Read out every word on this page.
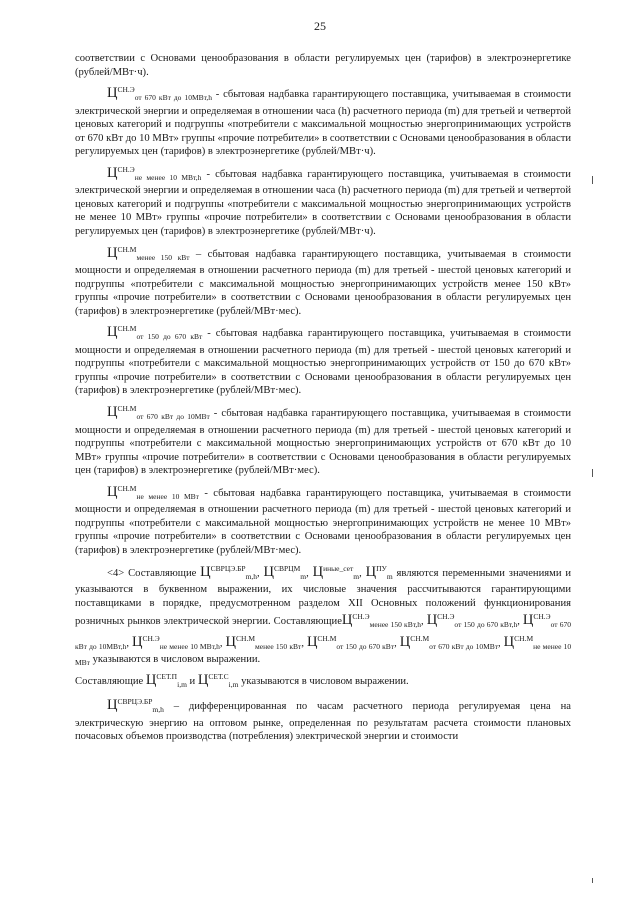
25

соответствии с Основами ценообразования в области регулируемых цен (тарифов) в электроэнергетике (рублей/МВт·ч).

$Ц^{СН.Э}_{от 670 кВт до 10МВт,h}$ - сбытовая надбавка гарантирующего поставщика, учитываемая в стоимости электрической энергии и определяемая в отношении часа (h) расчетного периода (m) для третьей и четвертой ценовых категорий и подгруппы «потребители с максимальной мощностью энергопринимающих устройств от 670 кВт до 10 МВт» группы «прочие потребители» в соответствии с Основами ценообразования в области регулируемых цен (тарифов) в электроэнергетике (рублей/МВт·ч).

$Ц^{СН.Э}_{не менее 10 МВт,h}$ - сбытовая надбавка гарантирующего поставщика, учитываемая в стоимости электрической энергии и определяемая в отношении часа (h) расчетного периода (m) для третьей и четвертой ценовых категорий и подгруппы «потребители с максимальной мощностью энергопринимающих устройств не менее 10 МВт» группы «прочие потребители» в соответствии с Основами ценообразования в области регулируемых цен (тарифов) в электроэнергетике (рублей/МВт·ч).

$Ц^{СН.М}_{менее 150 кВт}$ – сбытовая надбавка гарантирующего поставщика, учитываемая в стоимости мощности и определяемая в отношении расчетного периода (m) для третьей - шестой ценовых категорий и подгруппы «потребители с максимальной мощностью энергопринимающих устройств менее 150 кВт» группы «прочие потребители» в соответствии с Основами ценообразования в области регулируемых цен (тарифов) в электроэнергетике (рублей/МВт·мес).

$Ц^{СН.М}_{от 150 до 670 кВт}$ - сбытовая надбавка гарантирующего поставщика, учитываемая в стоимости мощности и определяемая в отношении расчетного периода (m) для третьей - шестой ценовых категорий и подгруппы «потребители с максимальной мощностью энергопринимающих устройств от 150 до 670 кВт» группы «прочие потребители» в соответствии с Основами ценообразования в области регулируемых цен (тарифов) в электроэнергетике (рублей/МВт·мес).

$Ц^{СН.М}_{от 670 кВт до 10МВт}$ - сбытовая надбавка гарантирующего поставщика, учитываемая в стоимости мощности и определяемая в отношении расчетного периода (m) для третьей - шестой ценовых категорий и подгруппы «потребители с максимальной мощностью энергопринимающих устройств от 670 кВт до 10 МВт» группы «прочие потребители» в соответствии с Основами ценообразования в области регулируемых цен (тарифов) в электроэнергетике (рублей/МВт·мес).

$Ц^{СН.М}_{не менее 10 МВт}$ - сбытовая надбавка гарантирующего поставщика, учитываемая в стоимости мощности и определяемая в отношении расчетного периода (m) для третьей - шестой ценовых категорий и подгруппы «потребители с максимальной мощностью энергопринимающих устройств не менее 10 МВт» группы «прочие потребители» в соответствии с Основами ценообразования в области регулируемых цен (тарифов) в электроэнергетике (рублей/МВт·мес).

<4> Составляющие $Ц^{СВРЦЭ.БР}_{m,h}$, $Ц^{СВРЦМ}_m$, $Ц^{иные\_сет}_m$, $Ц^{ПУ}_m$ являются переменными значениями и указываются в буквенном выражении, их числовые значения рассчитываются гарантирующими поставщиками в порядке, предусмотренном разделом XII Основных положений функционирования розничных рынков электрической энергии. СоставляющиеЦ$^{СН.Э}_{менее 150 кВт,h}$, $Ц^{СН.Э}_{от 150 до 670 кВт,h}$, $Ц^{СН.Э}_{от 670 кВт до 10МВт,h}$, $Ц^{СН.Э}_{не менее 10 МВт,h}$, $Ц^{СН.М}_{менее 150 кВт}$, $Ц^{СН.М}_{от 150 до 670 кВт}$, $Ц^{СН.М}_{от 670 кВт до 10МВт}$, $Ц^{СН.М}_{не менее 10 МВт}$ указываются в числовом выражении.

Составляющие $Ц^{СЕТ.П}_{i,m}$ и $Ц^{СЕТ.С}_{i,m}$ указываются в числовом выражении.

$Ц^{СВРЦЭ.БР}_{m,h}$ – дифференцированная по часам расчетного периода регулируемая цена на электрическую энергию на оптовом рынке, определенная по результатам расчета стоимости плановых почасовых объемов производства (потребления) электрической энергии и стоимости
